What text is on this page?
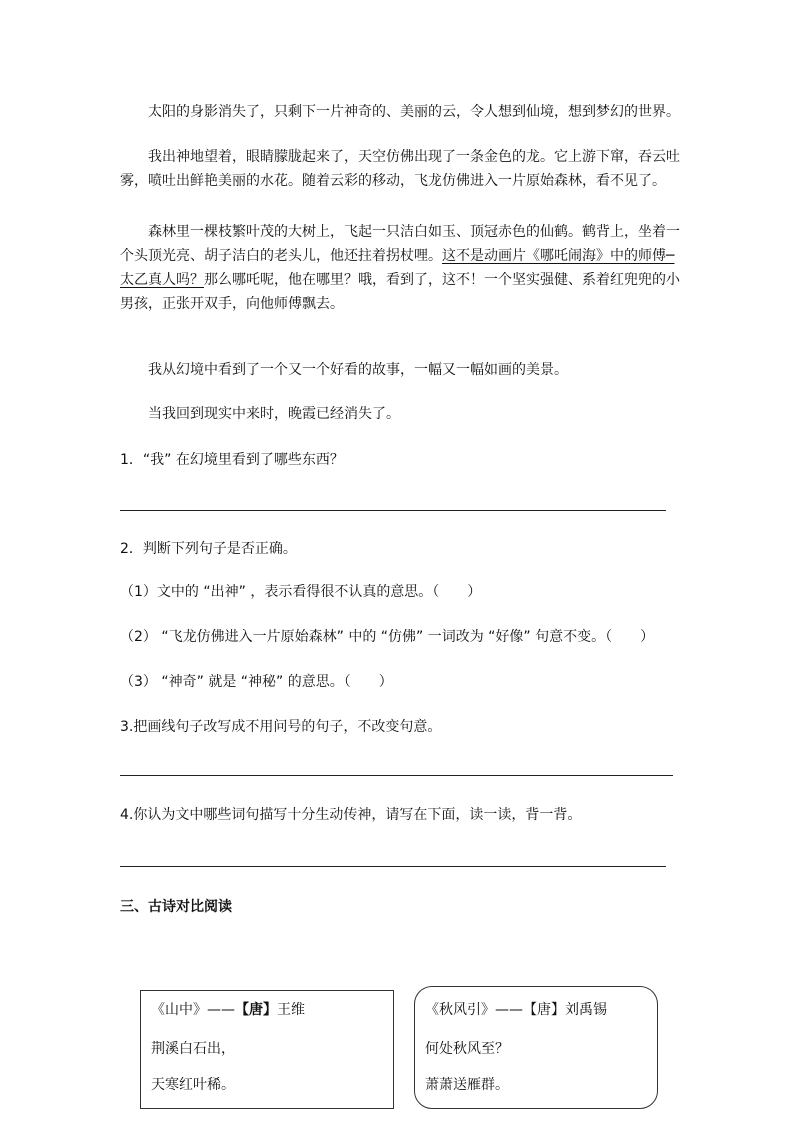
太阳的身影消失了，只剩下一片神奇的、美丽的云，令人想到仙境，想到梦幻的世界。

我出神地望着，眼睛朦胧起来了，天空仿佛出现了一条金色的龙。它上游下窜，吞云吐雾，喷吐出鲜艳美丽的水花。随着云彩的移动，飞龙仿佛进入一片原始森林，看不见了。

森林里一棵枝繁叶茂的大树上，飞起一只洁白如玉、顶冠赤色的仙鹤。鹤背上，坐着一个头顶光亮、胡子洁白的老头儿，他还拄着拐杖哩。这不是动画片《哪吒闹海》中的师傅─太乙真人吗？那么哪吒呢，他在哪里？哦，看到了，这不！一个坚实强健、系着红兜兜的小男孩，正张开双手，向他师傅飘去。

我从幻境中看到了一个又一个好看的故事，一幅又一幅如画的美景。

当我回到现实中来时，晚霞已经消失了。

1．“我” 在幻境里看到了哪些东西？

2．判断下列句子是否正确。

（1）文中的 “出神” ，表示看得很不认真的意思。（　　）

（2） “飞龙仿佛进入一片原始森林” 中的 “仿佛” 一词改为 “好像” 句意不变。（　　）

（3） “神奇” 就是 “神秘” 的意思。（　　）

3.把画线句子改写成不用问号的句子，不改变句意。

4.你认为文中哪些词句描写十分生动传神，请写在下面，读一读，背一背。

三、古诗对比阅读

《山中》——【唐】王维
荆溪白石出，
天寒红叶稀。
《秋风引》——【唐】刘禹锡
何处秋风至？
萧萧送雁群。
